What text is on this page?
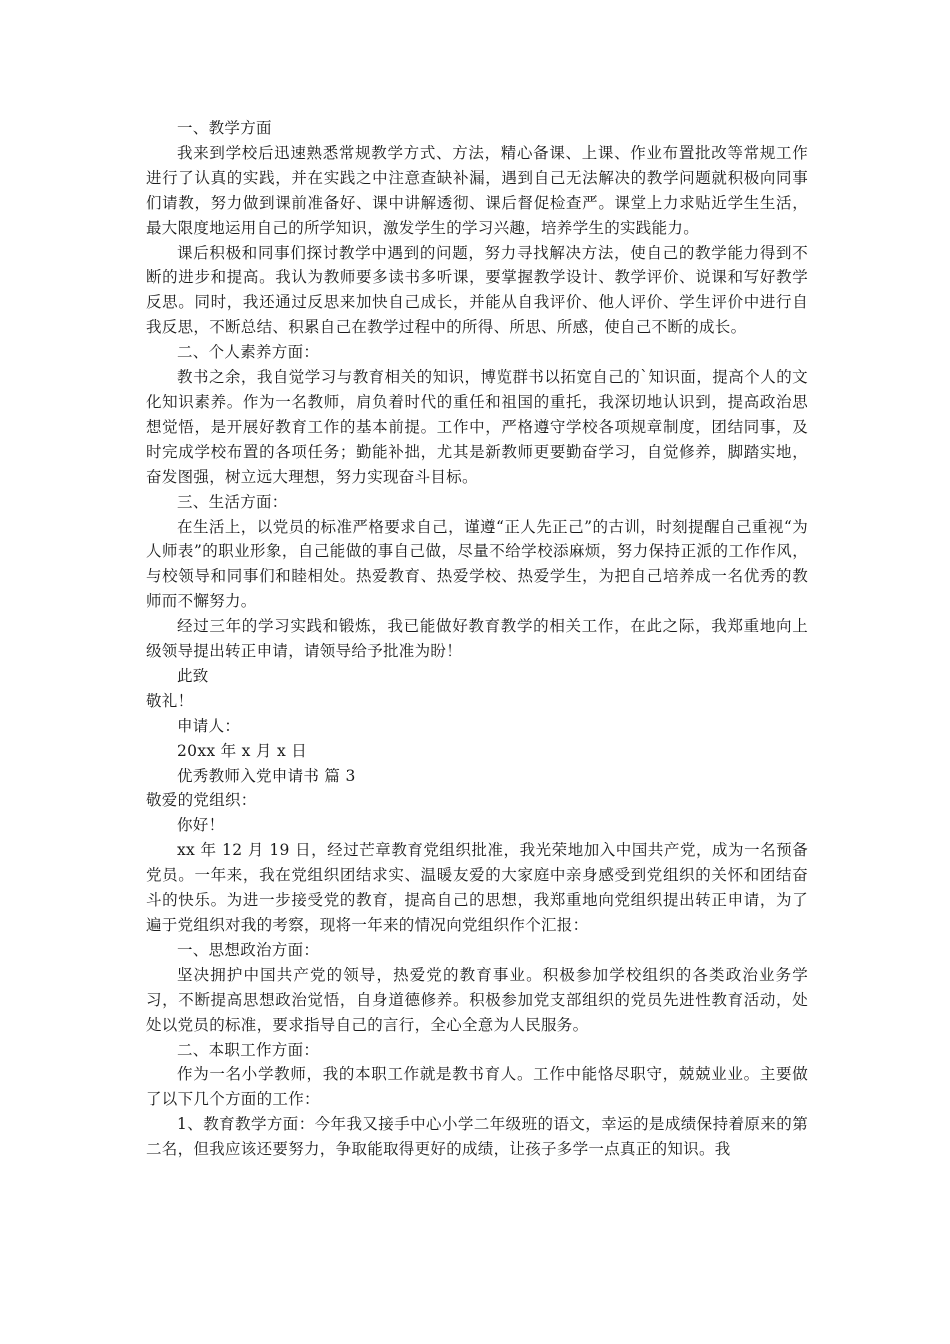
一、教学方面

我来到学校后迅速熟悉常规教学方式、方法，精心备课、上课、作业布置批改等常规工作进行了认真的实践，并在实践之中注意查缺补漏，遇到自己无法解决的教学问题就积极向同事们请教，努力做到课前准备好、课中讲解透彻、课后督促检查严。课堂上力求贴近学生生活，最大限度地运用自己的所学知识，激发学生的学习兴趣，培养学生的实践能力。

课后积极和同事们探讨教学中遇到的问题，努力寻找解决方法，使自己的教学能力得到不断的进步和提高。我认为教师要多读书多听课，要掌握教学设计、教学评价、说课和写好教学反思。同时，我还通过反思来加快自己成长，并能从自我评价、他人评价、学生评价中进行自我反思，不断总结、积累自己在教学过程中的所得、所思、所感，使自己不断的成长。

二、个人素养方面：

教书之余，我自觉学习与教育相关的知识，博览群书以拓宽自己的`知识面，提高个人的文化知识素养。作为一名教师，肩负着时代的重任和祖国的重托，我深切地认识到，提高政治思想觉悟，是开展好教育工作的基本前提。工作中，严格遵守学校各项规章制度，团结同事，及时完成学校布置的各项任务；勤能补拙，尤其是新教师更要勤奋学习，自觉修养，脚踏实地，奋发图强，树立远大理想，努力实现奋斗目标。

三、生活方面：

在生活上，以党员的标准严格要求自己，谨遵“正人先正己”的古训，时刻提醒自己重视“为人师表”的职业形象，自己能做的事自己做，尽量不给学校添麻烦，努力保持正派的工作作风，与校领导和同事们和睦相处。热爱教育、热爱学校、热爱学生，为把自己培养成一名优秀的教师而不懈努力。

经过三年的学习实践和锻炼，我已能做好教育教学的相关工作，在此之际，我郑重地向上级领导提出转正申请，请领导给予批准为盼！

此致

敬礼！

申请人：

20xx 年 x 月 x 日

优秀教师入党申请书 篇 3

敬爱的党组织：

你好！

xx 年 12 月 19 日，经过芒章教育党组织批准，我光荣地加入中国共产党，成为一名预备党员。一年来，我在党组织团结求实、温暖友爱的大家庭中亲身感受到党组织的关怀和团结奋斗的快乐。为进一步接受党的教育，提高自己的思想，我郑重地向党组织提出转正申请，为了遍于党组织对我的考察，现将一年来的情况向党组织作个汇报：

一、思想政治方面：

坚决拥护中国共产党的领导，热爱党的教育事业。积极参加学校组织的各类政治业务学习，不断提高思想政治觉悟，自身道德修养。积极参加党支部组织的党员先进性教育活动，处处以党员的标准，要求指导自己的言行，全心全意为人民服务。

二、本职工作方面：

作为一名小学教师，我的本职工作就是教书育人。工作中能恪尽职守，兢兢业业。主要做了以下几个方面的工作：

1、教育教学方面：今年我又接手中心小学二年级班的语文，幸运的是成绩保持着原来的第二名，但我应该还要努力，争取能取得更好的成绩，让孩子多学一点真正的知识。我
